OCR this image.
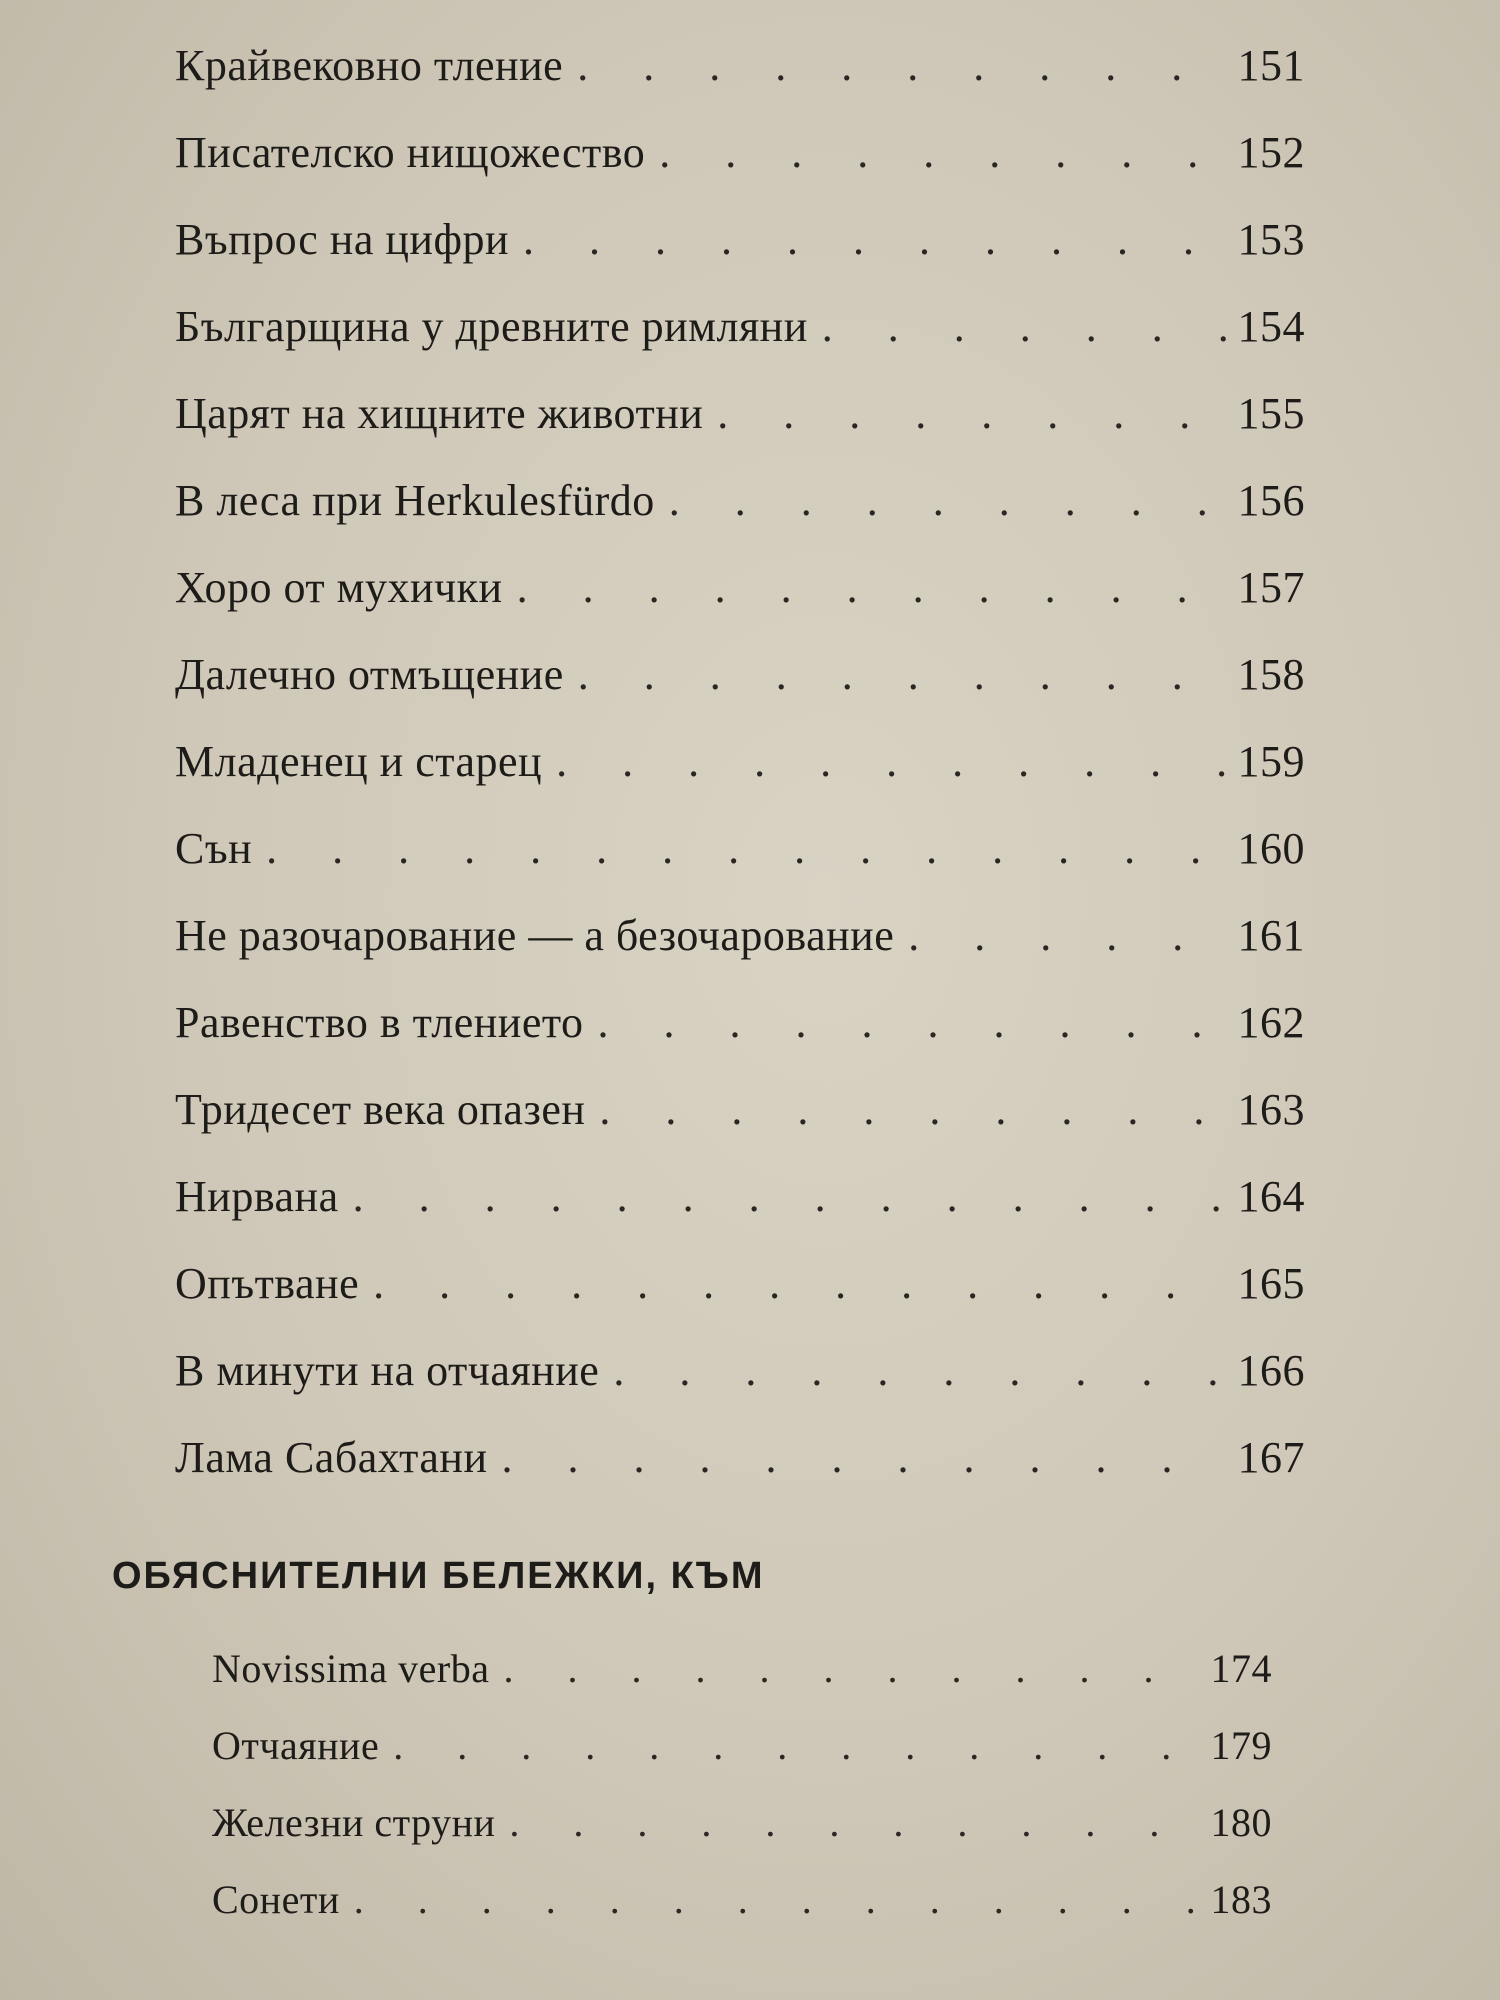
Крайвековно тление . . .	151
Писателско нищожество . . .	152
Въпрос на цифри . . .	153
Българщина у древните римляни . . .	154
Царят на хищните животни . . .	155
В леса при Herkulesfürdo . . .	156
Хоро от мухички . . .	157
Далечно отмъщение . . .	158
Младенец и старец . . .	159
Сън . . .	160
Не разочарование — а безочарование . . .	161
Равенство в тлението . . .	162
Тридесет века опазен . . .	163
Нирвана . . .	164
Опътване . . .	165
В минути на отчаяние . . .	166
Лама Сабахтани . . .	167
ОБЯСНИТЕЛНИ БЕЛЕЖКИ, КЪМ
Novissima verba . . .	174
Отчаяние . . .	179
Железни струни . . .	180
Сонети . . .	183
